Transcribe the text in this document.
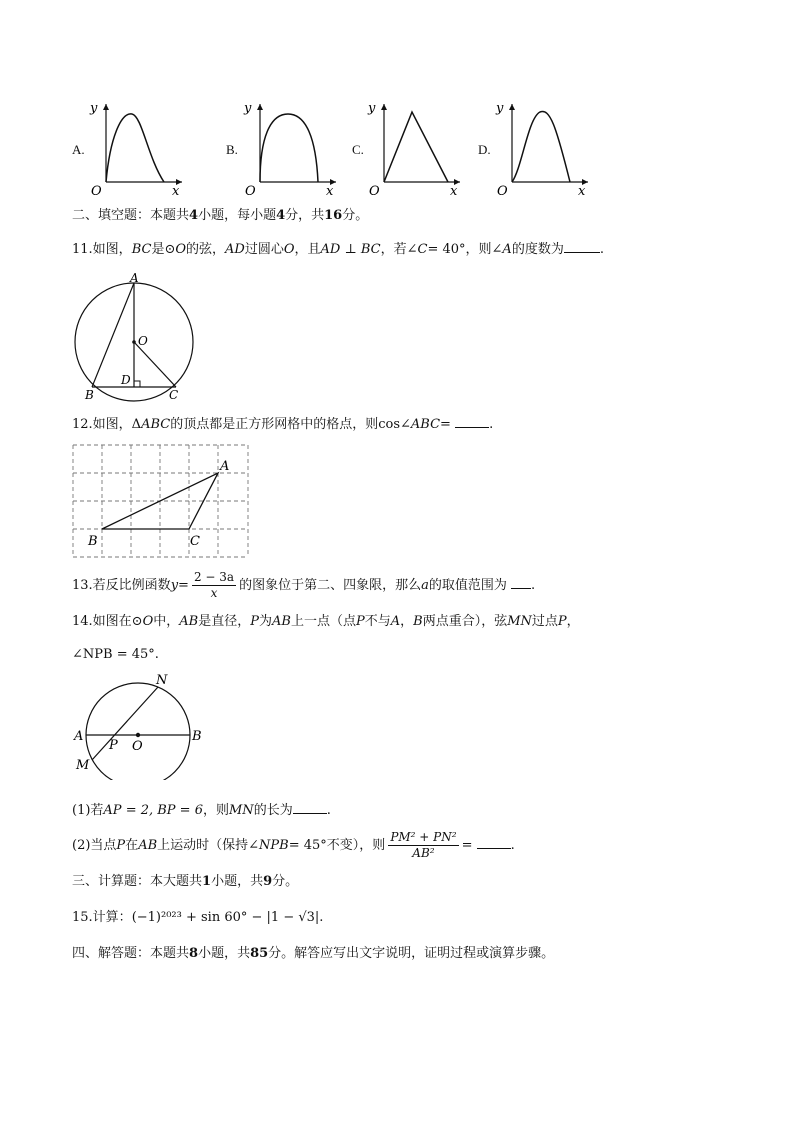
A.
y
x
O
B.
y
x
O
C.
y
x
O
D.
y
x
O
二、填空题：本题共4小题，每小题4分，共16分。
11.如图，BC是⊙O的弦，AD过圆心O，且AD ⊥ BC，若∠C= 40°，则∠A的度数为	.
A
O
D
B	C
12.如图，ΔABC的顶点都是正方形网格中的格点，则cos∠ABC=	.
A
B	C
13.若反比例函数$y= \frac{2 - 3a}{x}$ 的图象位于第二、四象限，那么a的取值范围为 .
14.如图在⊙O中，AB是直径，P为AB上一点（点P不与A，B两点重合），弦MN过点P，
∠NPB = 45°.
N
A
P O
B
M
(1)若AP = 2, BP = 6，则MN的长为	.
(2)当点P在AB上运动时（保持∠NPB= 45°不变），则 $\frac{\text{PM² + PN²}}{\text{AB²}}$ =	.
三、计算题：本大题共1小题，共9分。
15.计算：(−1)²⁰²³ + sin 60° − |1 − √3|.
四、解答题：本题共8小题，共85分。解答应写出文字说明，证明过程或演算步骤。
